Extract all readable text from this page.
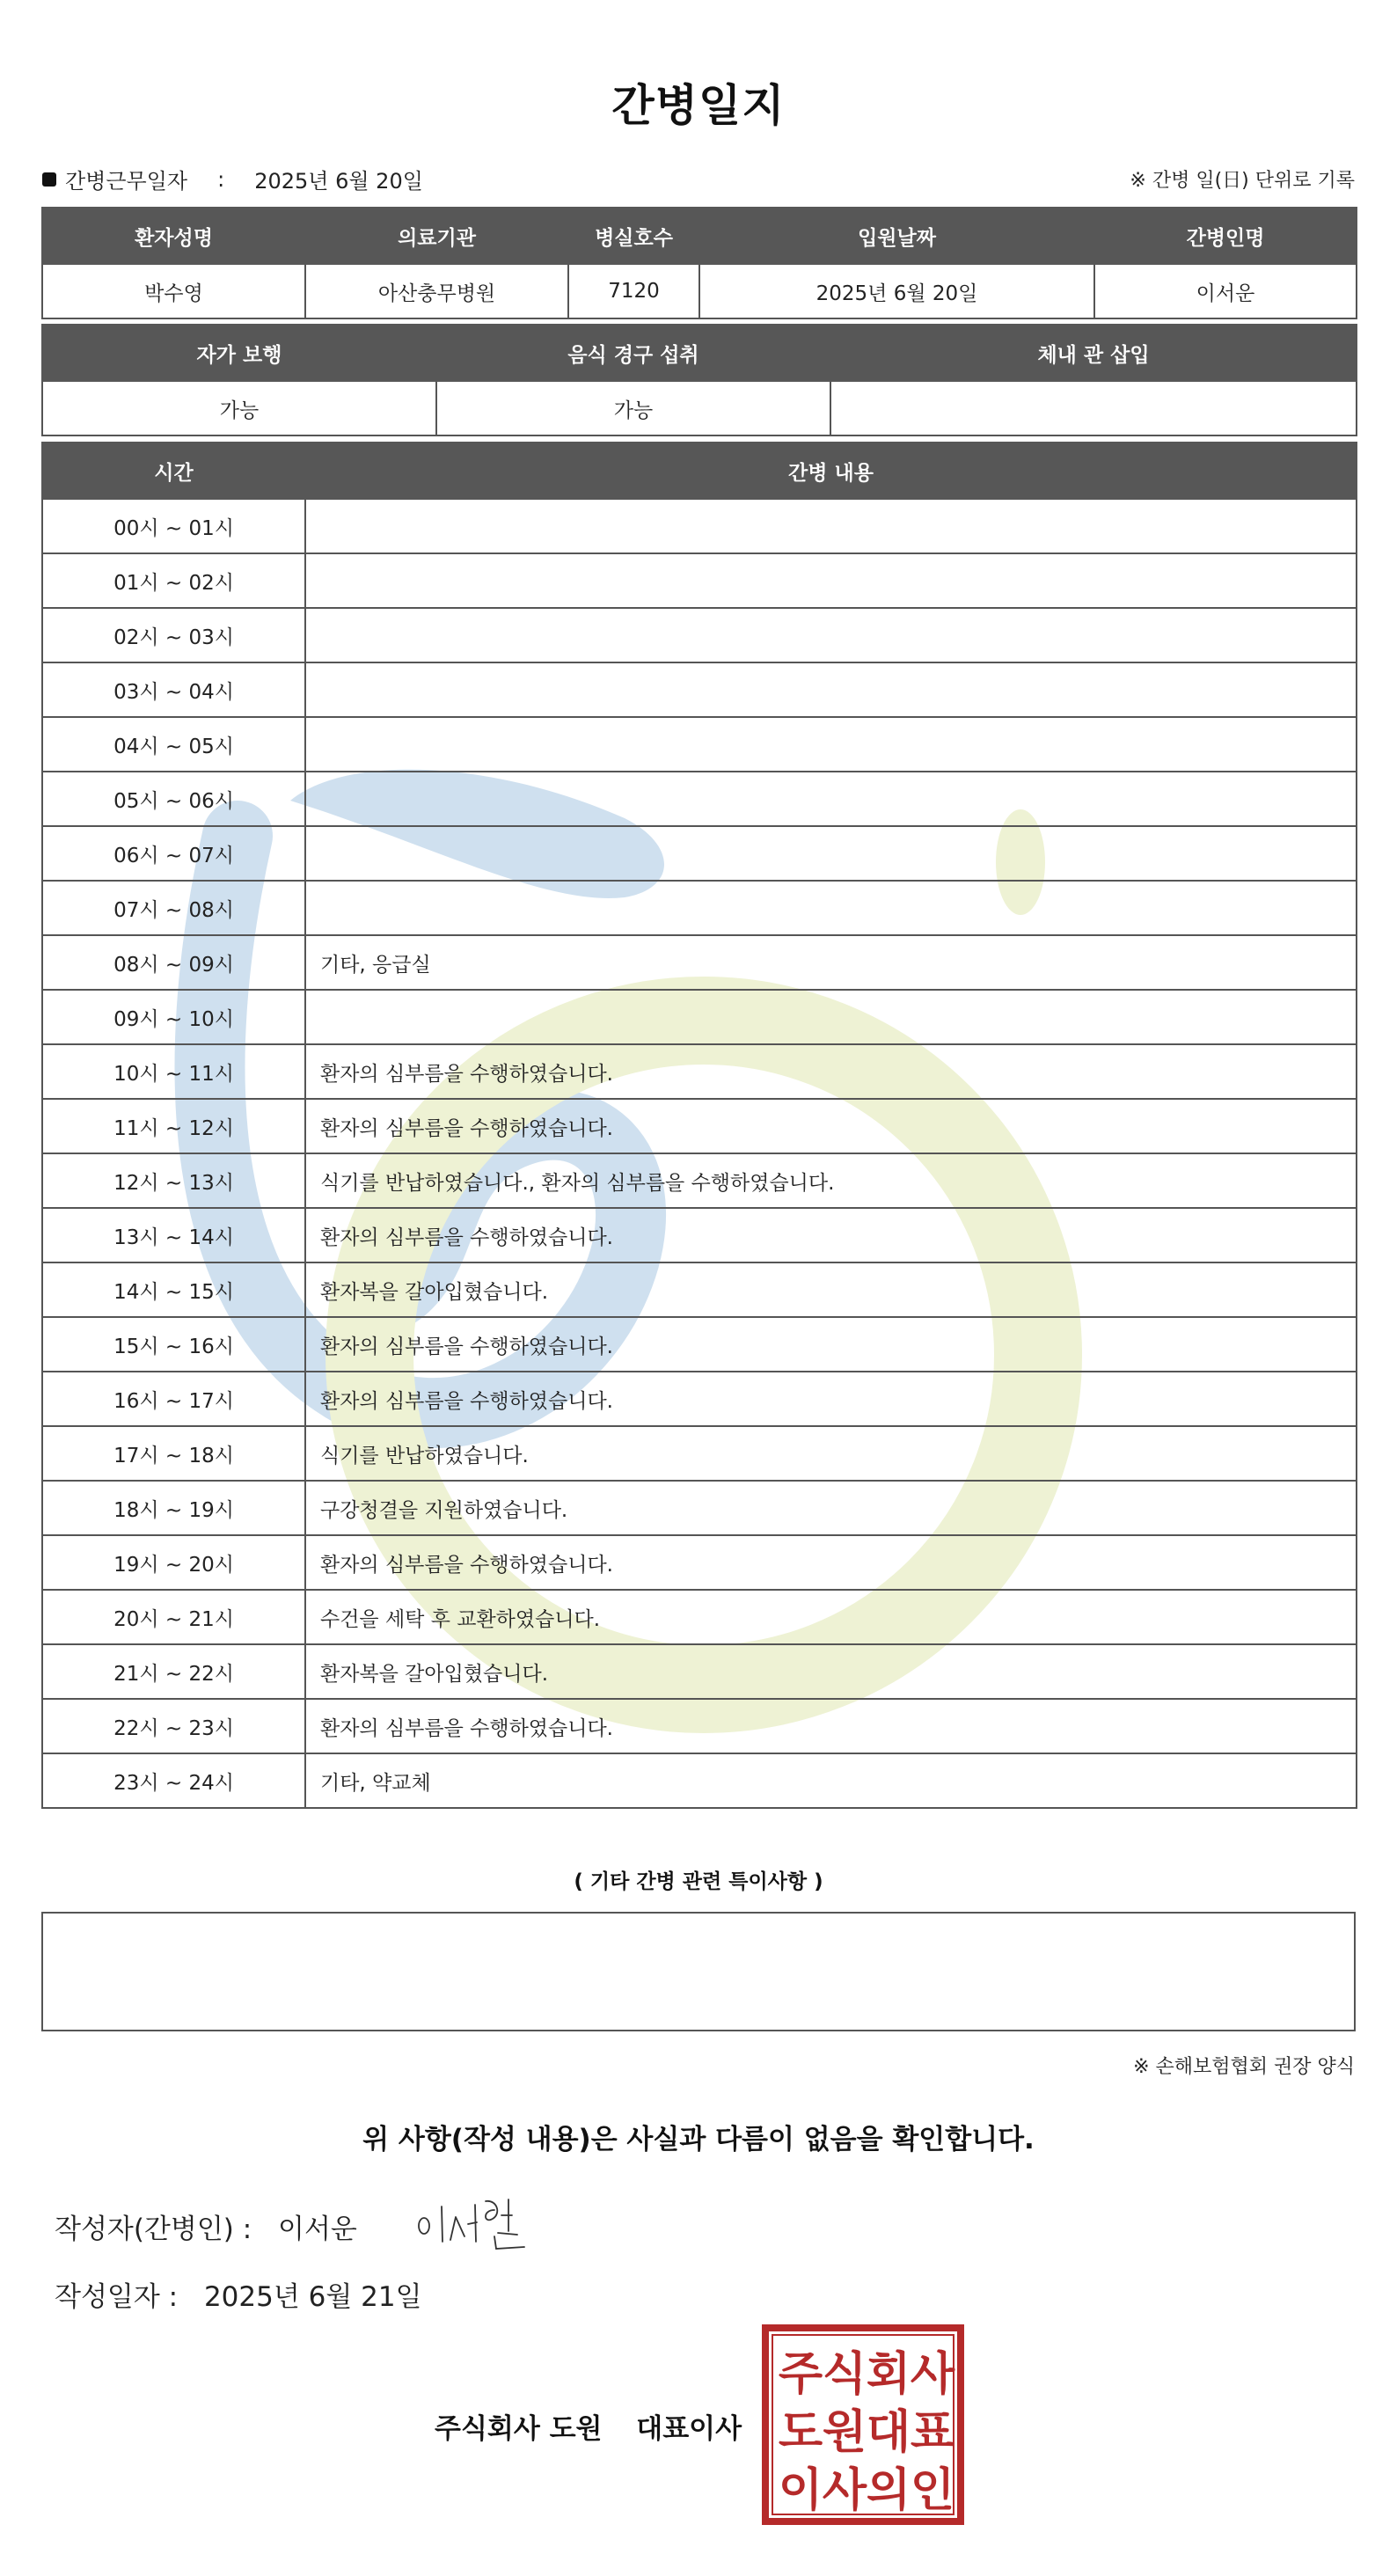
간병일지
간병근무일자 : 2025년 6월 20일	※ 간병 일(日) 단위로 기록
환자성명	의료기관	병실호수	입원날짜	간병인명
박수영	아산충무병원	7120	2025년 6월 20일	이서운
자가 보행	음식 경구 섭취	체내 관 삽입
가능	가능	
시간	간병 내용
00시 ~ 01시	
01시 ~ 02시	
02시 ~ 03시	
03시 ~ 04시	
04시 ~ 05시	
05시 ~ 06시	
06시 ~ 07시	
07시 ~ 08시	
08시 ~ 09시	기타, 응급실
09시 ~ 10시	
10시 ~ 11시	환자의 심부름을 수행하였습니다.
11시 ~ 12시	환자의 심부름을 수행하였습니다.
12시 ~ 13시	식기를 반납하였습니다., 환자의 심부름을 수행하였습니다.
13시 ~ 14시	환자의 심부름을 수행하였습니다.
14시 ~ 15시	환자복을 갈아입혔습니다.
15시 ~ 16시	환자의 심부름을 수행하였습니다.
16시 ~ 17시	환자의 심부름을 수행하였습니다.
17시 ~ 18시	식기를 반납하였습니다.
18시 ~ 19시	구강청결을 지원하였습니다.
19시 ~ 20시	환자의 심부름을 수행하였습니다.
20시 ~ 21시	수건을 세탁 후 교환하였습니다.
21시 ~ 22시	환자복을 갈아입혔습니다.
22시 ~ 23시	환자의 심부름을 수행하였습니다.
23시 ~ 24시	기타, 약교체
( 기타 간병 관련 특이사항 )
※ 손해보험협회 권장 양식
위 사항(작성 내용)은 사실과 다름이 없음을 확인합니다.
작성자(간병인) : 이서운
작성일자 : 2025년 6월 21일
주식회사 도원 대표이사
주 식 회 사
도 원 대 표
이 사 의 인
